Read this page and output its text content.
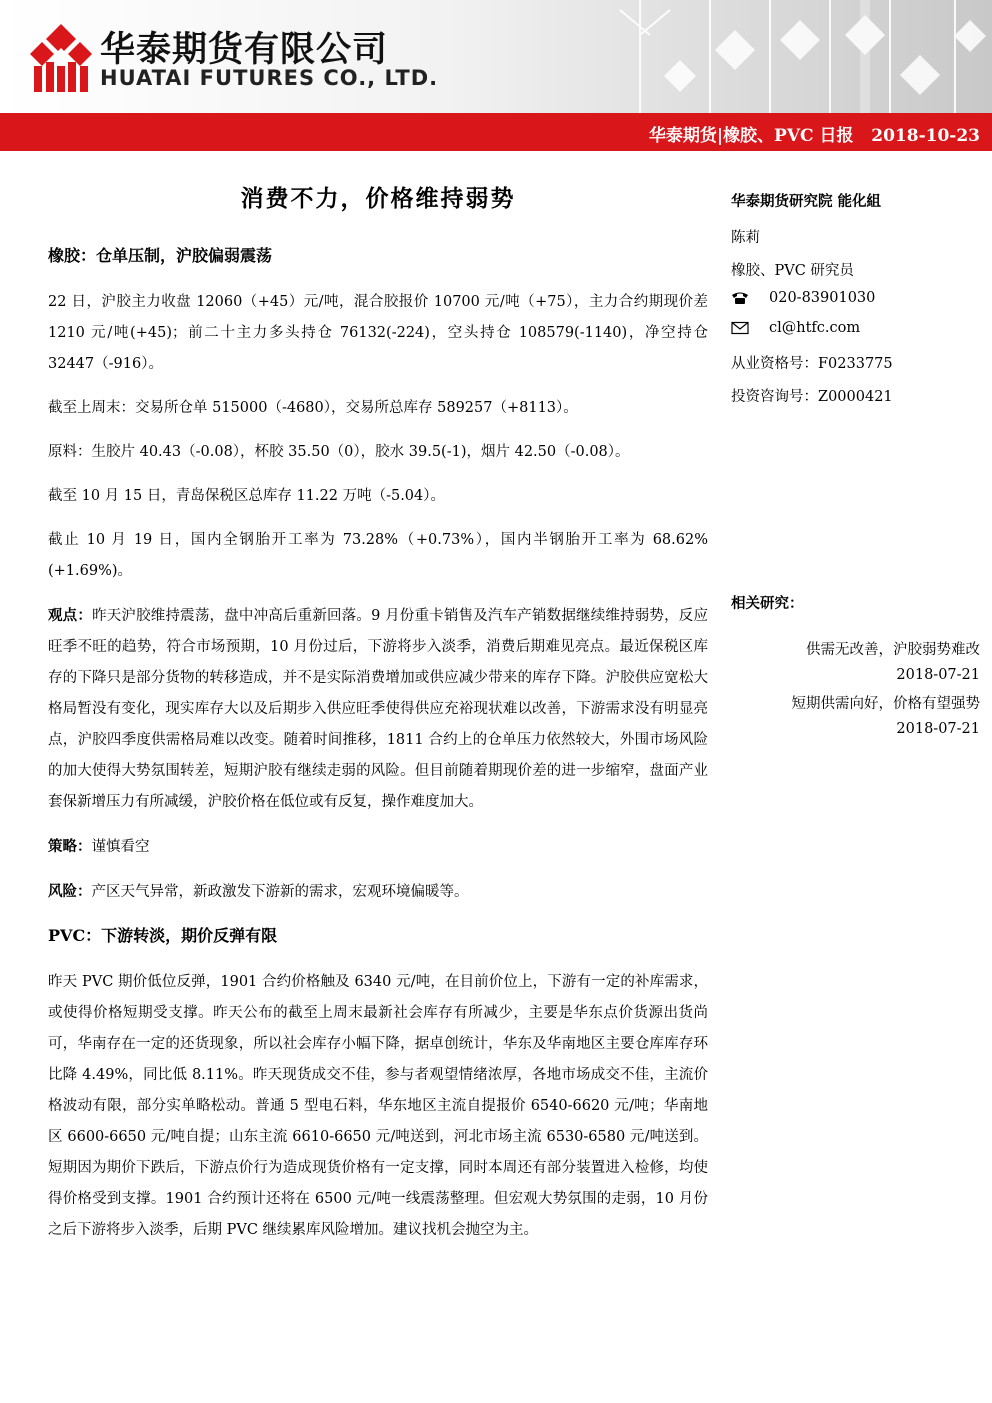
华泰期货有限公司
HUATAI FUTURES CO., LTD.
华泰期货|橡胶、PVC 日报 2018-10-23
消费不力，价格维持弱势
橡胶：仓单压制，沪胶偏弱震荡

22 日，沪胶主力收盘 12060（+45）元/吨，混合胶报价 10700 元/吨（+75），主力合约期现价差 1210 元/吨(+45)；前二十主力多头持仓 76132(-224)，空头持仓 108579(-1140)，净空持仓 32447（-916）。

截至上周末：交易所仓单 515000（-4680），交易所总库存 589257（+8113）。

原料：生胶片 40.43（-0.08），杯胶 35.50（0），胶水 39.5(-1)，烟片 42.50（-0.08）。

截至 10 月 15 日，青岛保税区总库存 11.22 万吨（-5.04）。

截止 10 月 19 日，国内全钢胎开工率为 73.28%（+0.73%），国内半钢胎开工率为 68.62%(+1.69%)。

观点：昨天沪胶维持震荡，盘中冲高后重新回落。9 月份重卡销售及汽车产销数据继续维持弱势，反应旺季不旺的趋势，符合市场预期，10 月份过后，下游将步入淡季，消费后期难见亮点。最近保税区库存的下降只是部分货物的转移造成，并不是实际消费增加或供应减少带来的库存下降。沪胶供应宽松大格局暂没有变化，现实库存大以及后期步入供应旺季使得供应充裕现状难以改善，下游需求没有明显亮点，沪胶四季度供需格局难以改变。随着时间推移，1811 合约上的仓单压力依然较大，外围市场风险的加大使得大势氛围转差，短期沪胶有继续走弱的风险。但目前随着期现价差的进一步缩窄，盘面产业套保新增压力有所减缓，沪胶价格在低位或有反复，操作难度加大。

策略：谨慎看空

风险：产区天气异常，新政激发下游新的需求，宏观环境偏暖等。

PVC：下游转淡，期价反弹有限

昨天 PVC 期价低位反弹，1901 合约价格触及 6340 元/吨，在目前价位上，下游有一定的补库需求，或使得价格短期受支撑。昨天公布的截至上周末最新社会库存有所减少，主要是华东点价货源出货尚可，华南存在一定的还货现象，所以社会库存小幅下降，据卓创统计，华东及华南地区主要仓库库存环比降 4.49%，同比低 8.11%。昨天现货成交不佳，参与者观望情绪浓厚，各地市场成交不佳，主流价格波动有限，部分实单略松动。普通 5 型电石料，华东地区主流自提报价 6540-6620 元/吨；华南地区 6600-6650 元/吨自提；山东主流 6610-6650 元/吨送到，河北市场主流 6530-6580 元/吨送到。短期因为期价下跌后，下游点价行为造成现货价格有一定支撑，同时本周还有部分装置进入检修，均使得价格受到支撑。1901 合约预计还将在 6500 元/吨一线震荡整理。但宏观大势氛围的走弱，10 月份之后下游将步入淡季，后期 PVC 继续累库风险增加。建议找机会抛空为主。

华泰期货研究院 能化組
陈莉
橡胶、PVC 研究员
020-83901030
cl@htfc.com
从业资格号：F0233775
投资咨询号：Z0000421
相关研究：
供需无改善，沪胶弱势难改
2018-07-21
短期供需向好，价格有望强势
2018-07-21
